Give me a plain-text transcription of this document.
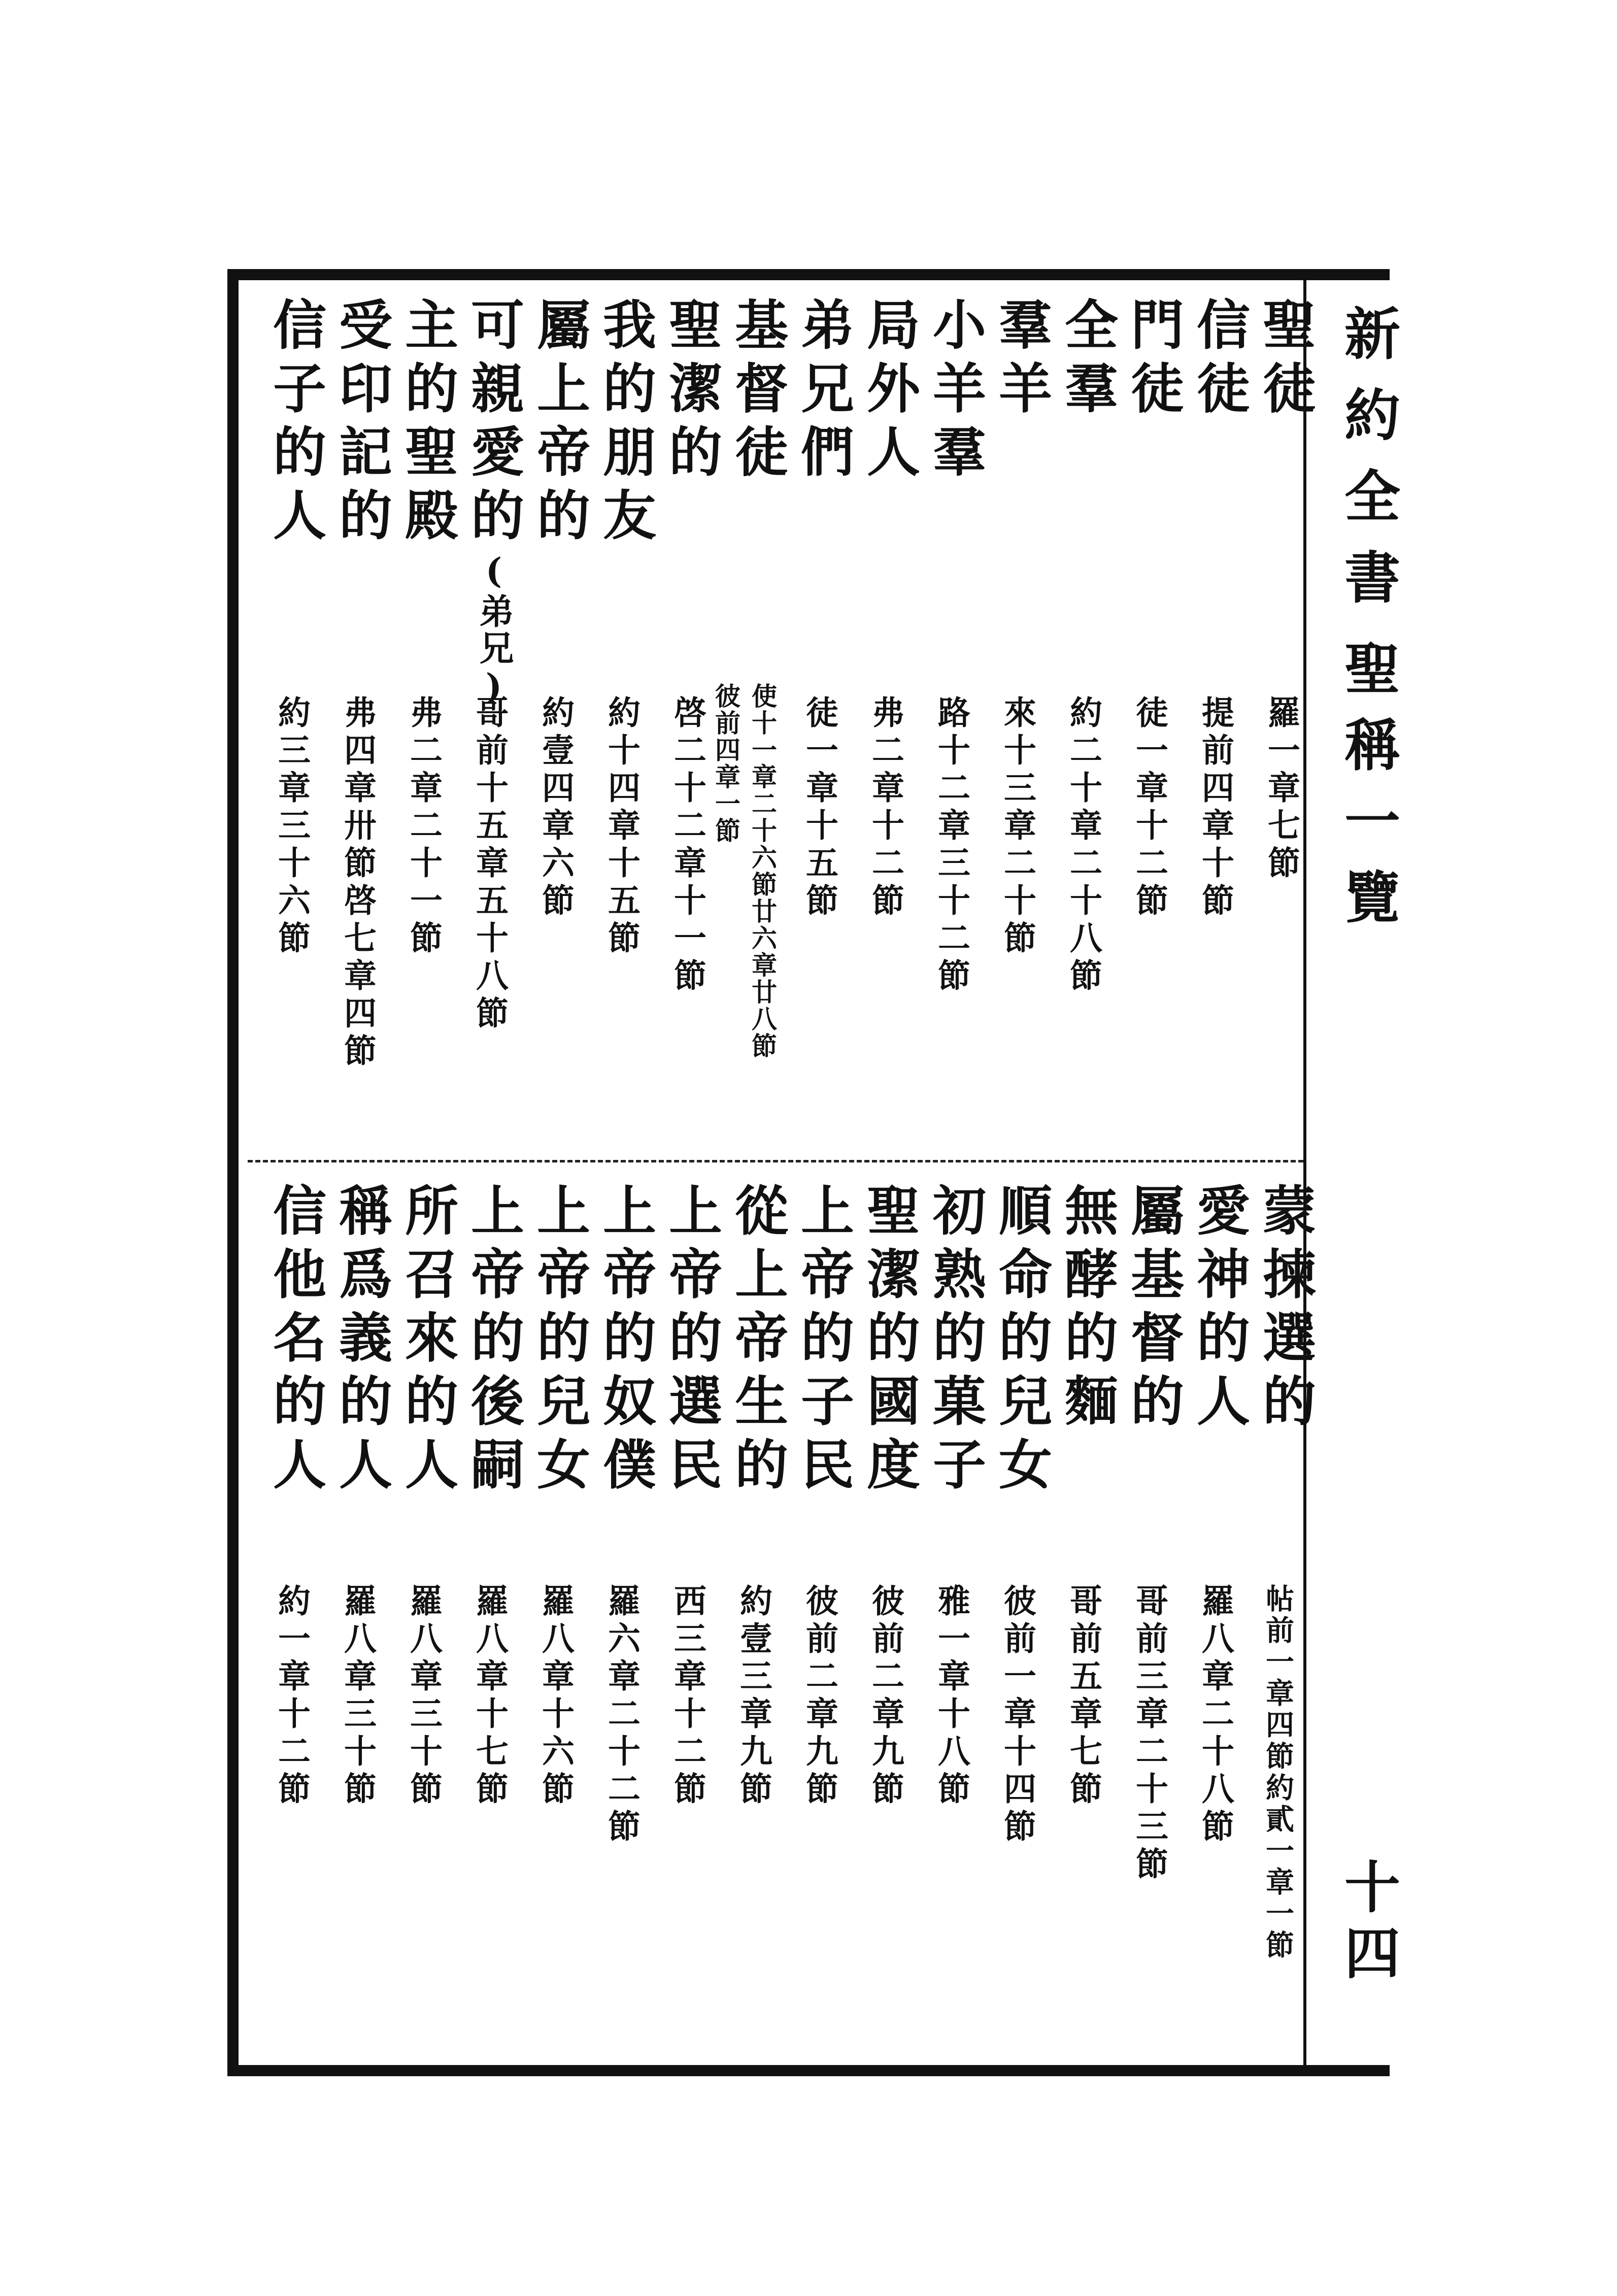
新約全書
聖稱一覽
十四
聖徒
羅一章七節
信徒
提前四章十節
門徒
徒一章十二節
全羣
約二十章二十八節
羣羊
來十三章二十節
小羊羣
路十二章三十二節
局外人
弗二章十二節
弟兄們
徒一章十五節
基督徒
使十一章二十六節廿六章廿八節彼前四章一節
聖潔的
啓二十二章十一節
我的朋友
約十四章十五節
屬上帝的
約壹四章六節
可親愛的(弟兄)
哥前十五章五十八節
主的聖殿
弗二章二十一節
受印記的
弗四章卅節啓七章四節
信子的人
約三章三十六節
蒙揀選的
帖前一章四節約貳一章一節
愛神的人
羅八章二十八節
屬基督的
哥前三章二十三節
無酵的麵
哥前五章七節
順命的兒女
彼前一章十四節
初熟的菓子
雅一章十八節
聖潔的國度
彼前二章九節
上帝的子民
彼前二章九節
從上帝生的
約壹三章九節
上帝的選民
西三章十二節
上帝的奴僕
羅六章二十二節
上帝的兒女
羅八章十六節
上帝的後嗣
羅八章十七節
所召來的人
羅八章三十節
稱爲義的人
羅八章三十節
信他名的人
約一章十二節
